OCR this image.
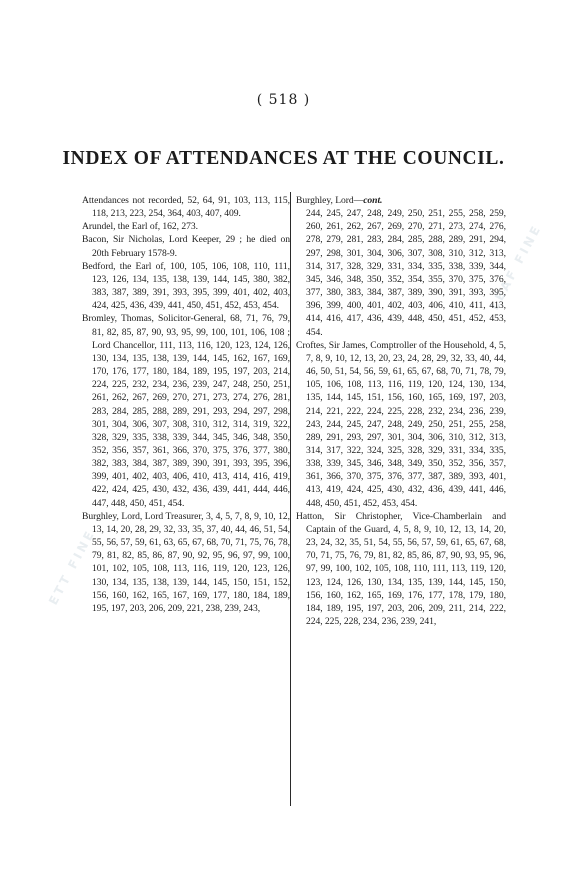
( 518 )
INDEX OF ATTENDANCES AT THE COUNCIL.
ETT FINE
LEAF FINE

Attendances not recorded, 52, 64, 91, 103, 113, 115, 118, 213, 223, 254, 364, 403, 407, 409.

Arundel, the Earl of, 162, 273.

Bacon, Sir Nicholas, Lord Keeper, 29 ; he died on 20th February 1578-9.

Bedford, the Earl of, 100, 105, 106, 108, 110, 111, 123, 126, 134, 135, 138, 139, 144, 145, 380, 382, 383, 387, 389, 391, 393, 395, 399, 401, 402, 403, 424, 425, 436, 439, 441, 450, 451, 452, 453, 454.

Bromley, Thomas, Solicitor-General, 68, 71, 76, 79, 81, 82, 85, 87, 90, 93, 95, 99, 100, 101, 106, 108 ; Lord Chancellor, 111, 113, 116, 120, 123, 124, 126, 130, 134, 135, 138, 139, 144, 145, 162, 167, 169, 170, 176, 177, 180, 184, 189, 195, 197, 203, 214, 224, 225, 232, 234, 236, 239, 247, 248, 250, 251, 261, 262, 267, 269, 270, 271, 273, 274, 276, 281, 283, 284, 285, 288, 289, 291, 293, 294, 297, 298, 301, 304, 306, 307, 308, 310, 312, 314, 319, 322, 328, 329, 335, 338, 339, 344, 345, 346, 348, 350, 352, 356, 357, 361, 366, 370, 375, 376, 377, 380, 382, 383, 384, 387, 389, 390, 391, 393, 395, 396, 399, 401, 402, 403, 406, 410, 413, 414, 416, 419, 422, 424, 425, 430, 432, 436, 439, 441, 444, 446, 447, 448, 450, 451, 454.

Burghley, Lord, Lord Treasurer, 3, 4, 5, 7, 8, 9, 10, 12, 13, 14, 20, 28, 29, 32, 33, 35, 37, 40, 44, 46, 51, 54, 55, 56, 57, 59, 61, 63, 65, 67, 68, 70, 71, 75, 76, 78, 79, 81, 82, 85, 86, 87, 90, 92, 95, 96, 97, 99, 100, 101, 102, 105, 108, 113, 116, 119, 120, 123, 126, 130, 134, 135, 138, 139, 144, 145, 150, 151, 152, 156, 160, 162, 165, 167, 169, 177, 180, 184, 189, 195, 197, 203, 206, 209, 221, 238, 239, 243,

Burghley, Lord—cont.

244, 245, 247, 248, 249, 250, 251, 255, 258, 259, 260, 261, 262, 267, 269, 270, 271, 273, 274, 276, 278, 279, 281, 283, 284, 285, 288, 289, 291, 294, 297, 298, 301, 304, 306, 307, 308, 310, 312, 313, 314, 317, 328, 329, 331, 334, 335, 338, 339, 344, 345, 346, 348, 350, 352, 354, 355, 370, 375, 376, 377, 380, 383, 384, 387, 389, 390, 391, 393, 395, 396, 399, 400, 401, 402, 403, 406, 410, 411, 413, 414, 416, 417, 436, 439, 448, 450, 451, 452, 453, 454.

Croftes, Sir James, Comptroller of the Household, 4, 5, 7, 8, 9, 10, 12, 13, 20, 23, 24, 28, 29, 32, 33, 40, 44, 46, 50, 51, 54, 56, 59, 61, 65, 67, 68, 70, 71, 78, 79, 105, 106, 108, 113, 116, 119, 120, 124, 130, 134, 135, 144, 145, 151, 156, 160, 165, 169, 197, 203, 214, 221, 222, 224, 225, 228, 232, 234, 236, 239, 243, 244, 245, 247, 248, 249, 250, 251, 255, 258, 289, 291, 293, 297, 301, 304, 306, 310, 312, 313, 314, 317, 322, 324, 325, 328, 329, 331, 334, 335, 338, 339, 345, 346, 348, 349, 350, 352, 356, 357, 361, 366, 370, 375, 376, 377, 387, 389, 393, 401, 413, 419, 424, 425, 430, 432, 436, 439, 441, 446, 448, 450, 451, 452, 453, 454.

Hatton, Sir Christopher, Vice-Chamberlain and Captain of the Guard, 4, 5, 8, 9, 10, 12, 13, 14, 20, 23, 24, 32, 35, 51, 54, 55, 56, 57, 59, 61, 65, 67, 68, 70, 71, 75, 76, 79, 81, 82, 85, 86, 87, 90, 93, 95, 96, 97, 99, 100, 102, 105, 108, 110, 111, 113, 119, 120, 123, 124, 126, 130, 134, 135, 139, 144, 145, 150, 156, 160, 162, 165, 169, 176, 177, 178, 179, 180, 184, 189, 195, 197, 203, 206, 209, 211, 214, 222, 224, 225, 228, 234, 236, 239, 241,
